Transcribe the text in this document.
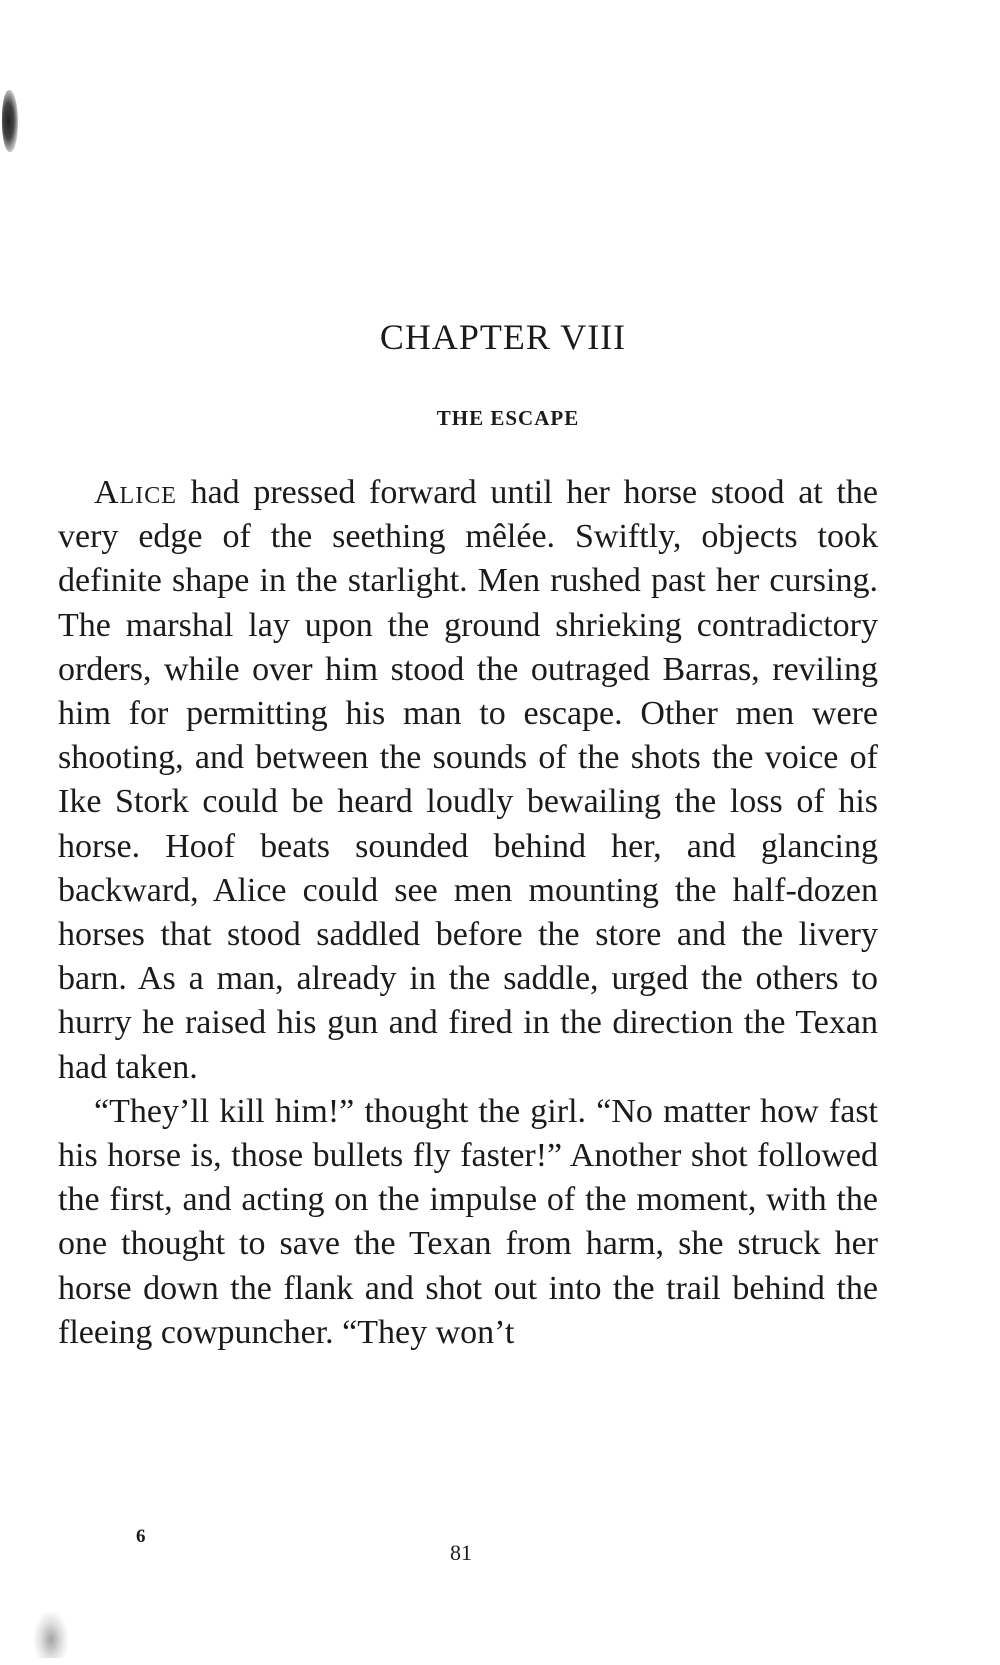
CHAPTER VIII
THE ESCAPE

Alice had pressed forward until her horse stood at the very edge of the seething mêlée. Swiftly, objects took definite shape in the starlight. Men rushed past her cursing. The marshal lay upon the ground shrieking contradictory orders, while over him stood the outraged Barras, reviling him for permitting his man to escape. Other men were shooting, and between the sounds of the shots the voice of Ike Stork could be heard loudly bewailing the loss of his horse. Hoof beats sounded behind her, and glancing backward, Alice could see men mounting the half-dozen horses that stood saddled before the store and the livery barn. As a man, already in the saddle, urged the others to hurry he raised his gun and fired in the direction the Texan had taken.

“They’ll kill him!” thought the girl. “No matter how fast his horse is, those bullets fly faster!” Another shot followed the first, and acting on the impulse of the moment, with the one thought to save the Texan from harm, she struck her horse down the flank and shot out into the trail behind the fleeing cowpuncher. “They won’t

6
81
